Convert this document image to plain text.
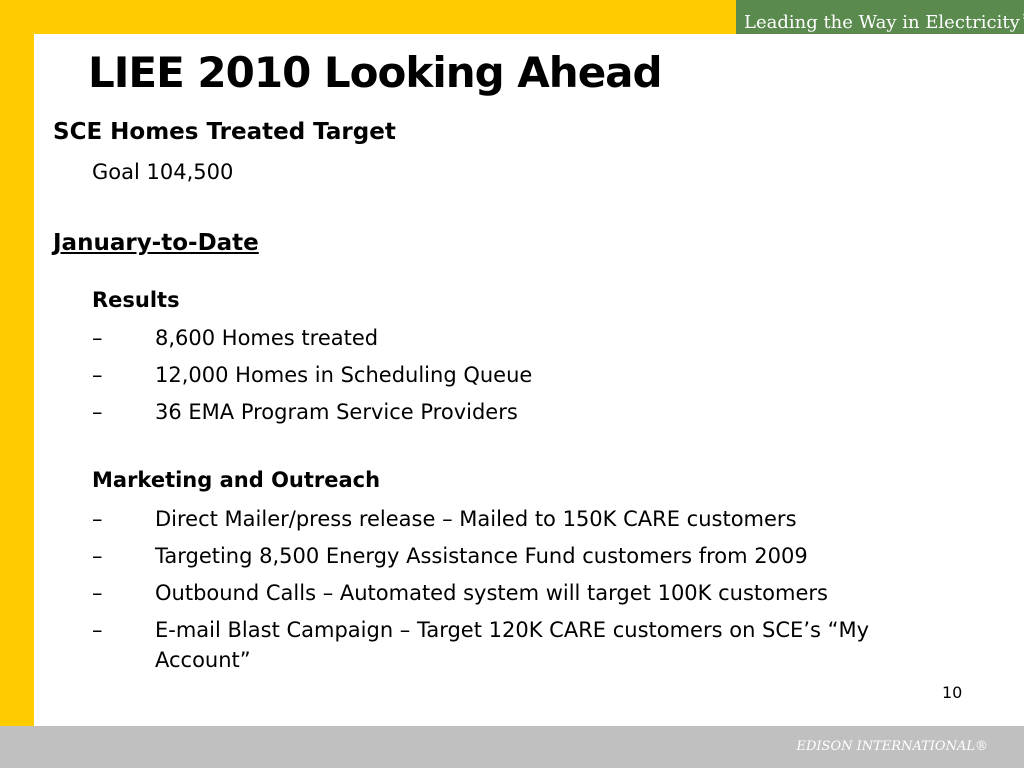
Leading the Way in Electricity ℠
LIEE 2010 Looking Ahead
SCE Homes Treated Target
Goal 104,500
January-to-Date
Results
–	8,600 Homes treated
–	12,000 Homes in Scheduling Queue
–	36 EMA Program Service Providers
Marketing and Outreach
–	Direct Mailer/press release – Mailed to 150K CARE customers
–	Targeting 8,500 Energy Assistance Fund customers from 2009
–	Outbound Calls – Automated system will target 100K customers
–	E-mail Blast Campaign – Target 120K CARE customers on SCE’s “My Account”
10
EDISON INTERNATIONAL®
